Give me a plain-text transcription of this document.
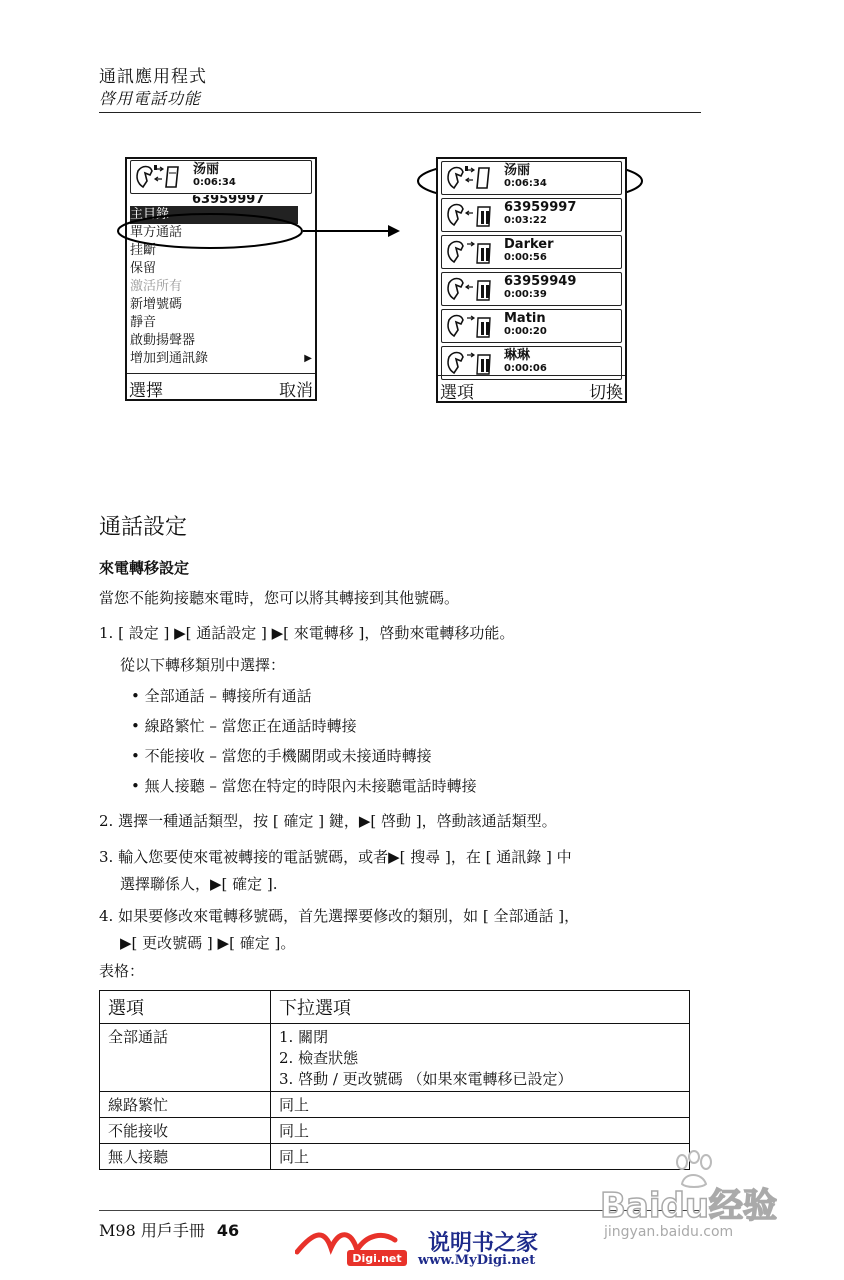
通訊應用程式
啓用電話功能
汤丽
0:06:34
63959997
主目錄
單方通話
挂斷
保留
激活所有
新增號碼
靜音
啟動揚聲器
增加到通訊錄	▶
選擇	取消
汤丽
0:06:34
63959997
0:03:22
Darker
0:00:56
63959949
0:00:39
Matin
0:00:20
琳琳
0:00:06
選項	切換
通話設定
來電轉移設定
當您不能夠接聽來電時，您可以將其轉接到其他號碼。
1. [ 設定 ] ▶[ 通話設定 ] ▶[ 來電轉移 ]，啓動來電轉移功能。
從以下轉移類別中選擇：
• 全部通話 – 轉接所有通話
• 線路繁忙 – 當您正在通話時轉接
• 不能接收 – 當您的手機關閉或未接通時轉接
• 無人接聽 – 當您在特定的時限內未接聽電話時轉接
2. 選擇一種通話類型，按 [ 確定 ] 鍵，▶[ 啓動 ]，啓動該通話類型。
3. 輸入您要使來電被轉接的電話號碼，或者▶[ 搜尋 ]，在 [ 通訊錄 ] 中
選擇聯係人，▶[ 確定 ].
4. 如果要修改來電轉移號碼，首先選擇要修改的類別，如 [ 全部通話 ]，
▶[ 更改號碼 ] ▶[ 確定 ]。
表格：
選項	下拉選項
全部通話	1. 關閉
2. 檢查狀態
3. 啓動 / 更改號碼 （如果來電轉移已設定）

線路繁忙	同上
不能接收	同上
無人接聽	同上
M98 用戶手冊 46
Digi.net
说明书之家
www.MyDigi.net
Baidu经验
jingyan.baidu.com
